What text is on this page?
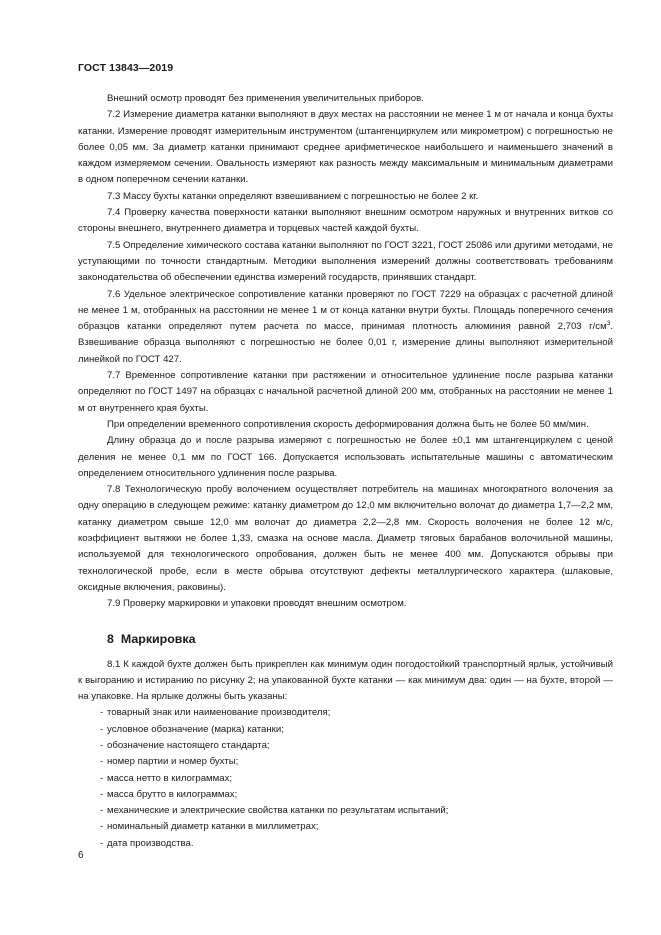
ГОСТ 13843—2019

Внешний осмотр проводят без применения увеличительных приборов.

7.2 Измерение диаметра катанки выполняют в двух местах на расстоянии не менее 1 м от начала и конца бухты катанки. Измерение проводят измерительным инструментом (штангенциркулем или микрометром) с погрешностью не более 0,05 мм. За диаметр катанки принимают среднее арифметическое наибольшего и наименьшего значений в каждом измеряемом сечении. Овальность измеряют как разность между максимальным и минимальным диаметрами в одном поперечном сечении катанки.

7.3 Массу бухты катанки определяют взвешиванием с погрешностью не более 2 кг.

7.4 Проверку качества поверхности катанки выполняют внешним осмотром наружных и внутренних витков со стороны внешнего, внутреннего диаметра и торцевых частей каждой бухты.

7.5 Определение химического состава катанки выполняют по ГОСТ 3221, ГОСТ 25086 или другими методами, не уступающими по точности стандартным. Методики выполнения измерений должны соответствовать требованиям законодательства об обеспечении единства измерений государств, принявших стандарт.

7.6 Удельное электрическое сопротивление катанки проверяют по ГОСТ 7229 на образцах с расчетной длиной не менее 1 м, отобранных на расстоянии не менее 1 м от конца катанки внутри бухты. Площадь поперечного сечения образцов катанки определяют путем расчета по массе, принимая плотность алюминия равной 2,703 $г/см^3$. Взвешивание образца выполняют с погрешностью не более 0,01 г, измерение длины выполняют измерительной линейкой по ГОСТ 427.

7.7 Временное сопротивление катанки при растяжении и относительное удлинение после разрыва катанки определяют по ГОСТ 1497 на образцах с начальной расчетной длиной 200 мм, отобранных на расстоянии не менее 1 м от внутреннего края бухты.

При определении временного сопротивления скорость деформирования должна быть не более 50 мм/мин.

Длину образца до и после разрыва измеряют с погрешностью не более ±0,1 мм штангенциркулем с ценой деления не менее 0,1 мм по ГОСТ 166. Допускается использовать испытательные машины с автоматическим определением относительного удлинения после разрыва.

7.8 Технологическую пробу волочением осуществляет потребитель на машинах многократного волочения за одну операцию в следующем режиме: катанку диаметром до 12,0 мм включительно волочат до диаметра 1,7—2,2 мм, катанку диаметром свыше 12,0 мм волочат до диаметра 2,2—2,8 мм. Скорость волочения не более 12 м/с, коэффициент вытяжки не более 1,33, смазка на основе масла. Диаметр тяговых барабанов волочильной машины, используемой для технологического опробования, должен быть не менее 400 мм. Допускаются обрывы при технологической пробе, если в месте обрыва отсутствуют дефекты металлургического характера (шлаковые, оксидные включения, раковины).

7.9 Проверку маркировки и упаковки проводят внешним осмотром.

8 Маркировка

8.1 К каждой бухте должен быть прикреплен как минимум один погодостойкий транспортный ярлык, устойчивый к выгоранию и истиранию по рисунку 2; на упакованной бухте катанки — как минимум два: один — на бухте, второй — на упаковке. На ярлыке должны быть указаны:

- товарный знак или наименование производителя;
- условное обозначение (марка) катанки;
- обозначение настоящего стандарта;
- номер партии и номер бухты;
- масса нетто в килограммах;
- масса брутто в килограммах;
- механические и электрические свойства катанки по результатам испытаний;
- номинальный диаметр катанки в миллиметрах;
- дата производства.
6
